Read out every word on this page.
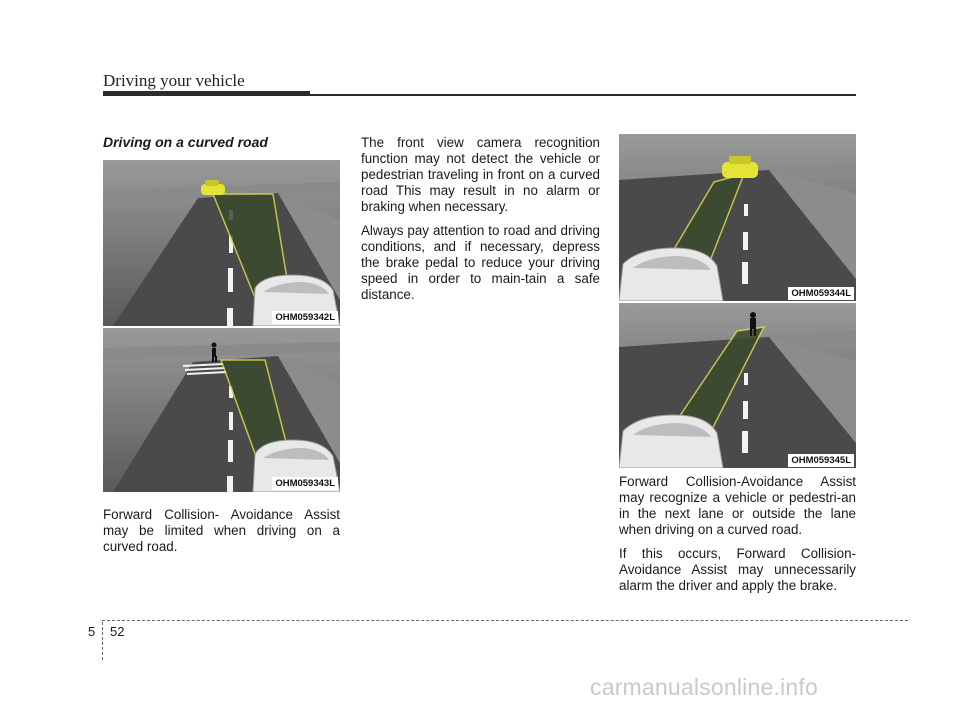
Driving your vehicle
Driving on a curved road
OHM059342L
OHM059343L
OHM059344L
OHM059345L

Forward Collision- Avoidance Assist may be limited when driving on a curved road.

The front view camera recognition function may not detect the vehicle or pedestrian traveling in front on a curved road This may result in no alarm or braking when necessary.

Always pay attention to road and driving conditions, and if necessary, depress the brake pedal to reduce your driving speed in order to main-tain a safe distance.

Forward Collision-Avoidance Assist may recognize a vehicle or pedestri-an in the next lane or outside the lane when driving on a curved road.

If this occurs, Forward Collision-Avoidance Assist may unnecessarily alarm the driver and apply the brake.

5 52
carmanualsonline.info
